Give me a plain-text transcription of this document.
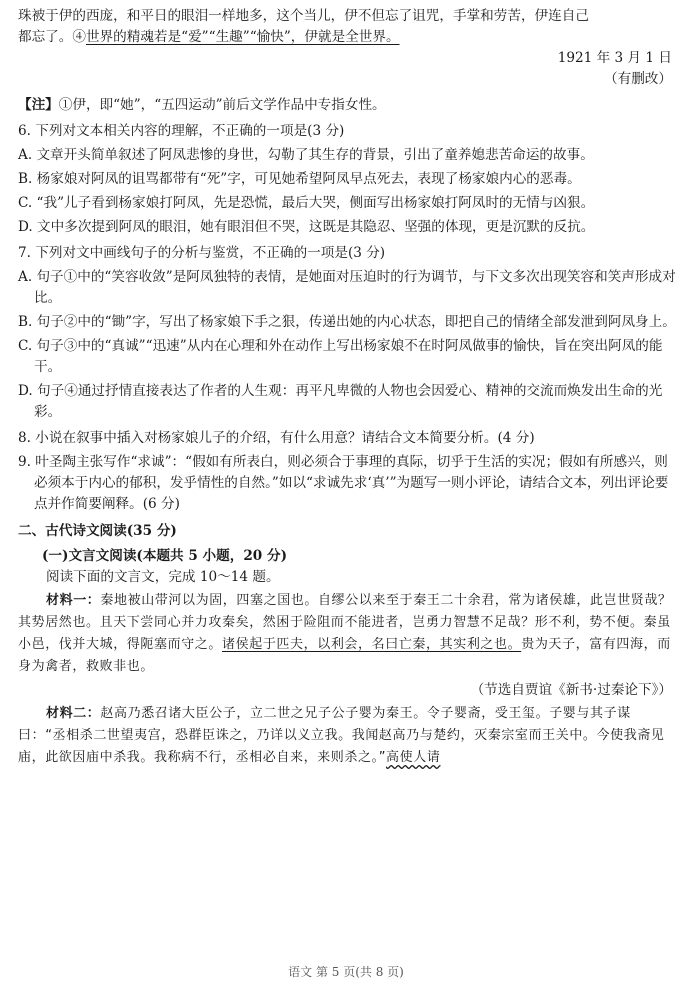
珠被于伊的西庞，和平日的眼泪一样地多，这个当儿，伊不但忘了诅咒，手掌和劳苦，伊连自己

都忘了。④世界的精魂若是“爱”“生趣”“愉快”，伊就是全世界。

1921 年 3 月 1 日

（有删改）

【注】①伊，即“她”，“五四运动”前后文学作品中专指女性。

6. 下列对文本相关内容的理解，不正确的一项是(3 分)

A. 文章开头简单叙述了阿凤悲惨的身世，勾勒了其生存的背景，引出了童养媳悲苦命运的故事。

B. 杨家娘对阿凤的诅骂都带有“死”字，可见她希望阿凤早点死去，表现了杨家娘内心的恶毒。

C. “我”儿子看到杨家娘打阿凤，先是恐慌，最后大哭，侧面写出杨家娘打阿凤时的无情与凶狠。

D. 文中多次提到阿凤的眼泪，她有眼泪但不哭，这既是其隐忍、坚强的体现，更是沉默的反抗。

7. 下列对文中画线句子的分析与鉴赏，不正确的一项是(3 分)

A. 句子①中的“笑容收敛”是阿凤独特的表情，是她面对压迫时的行为调节，与下文多次出现笑容和笑声形成对比。

B. 句子②中的“锄”字，写出了杨家娘下手之狠，传递出她的内心状态，即把自己的情绪全部发泄到阿凤身上。

C. 句子③中的“真诚”“迅速”从内在心理和外在动作上写出杨家娘不在时阿凤做事的愉快，旨在突出阿凤的能干。

D. 句子④通过抒情直接表达了作者的人生观：再平凡卑微的人物也会因爱心、精神的交流而焕发出生命的光彩。

8. 小说在叙事中插入对杨家娘儿子的介绍，有什么用意？请结合文本简要分析。(4 分)

9. 叶圣陶主张写作“求诚”：“假如有所表白，则必须合于事理的真际，切乎于生活的实况；假如有所感兴，则必须本于内心的郁积，发乎情性的自然。”如以“求诚先求‘真’”为题写一则小评论，请结合文本，列出评论要点并作简要阐释。(6 分)

二、古代诗文阅读(35 分)

(一)文言文阅读(本题共 5 小题，20 分)

阅读下面的文言文，完成 10～14 题。

材料一：秦地被山带河以为固，四塞之国也。自缪公以来至于秦王二十余君，常为诸侯雄，此岂世贤哉？其势居然也。且天下尝同心并力攻秦矣，然困于险阻而不能进者，岂勇力智慧不足哉？形不利，势不便。秦虽小邑，伐并大城，得阨塞而守之。诸侯起于匹夫，以利会，名曰亡秦，其实利之也。贵为天子，富有四海，而身为禽者，救败非也。

（节选自贾谊《新书·过秦论下》）

材料二：赵高乃悉召诸大臣公子，立二世之兄子公子婴为秦王。令子婴斋，受王玺。子婴与其子谋曰：“丞相杀二世望夷宫，恐群臣诛之，乃详以义立我。我闻赵高乃与楚约，灭秦宗室而王关中。今使我斋见庙，此欲因庙中杀我。我称病不行，丞相必自来，来则杀之。”高使人请

语文 第 5 页(共 8 页)
